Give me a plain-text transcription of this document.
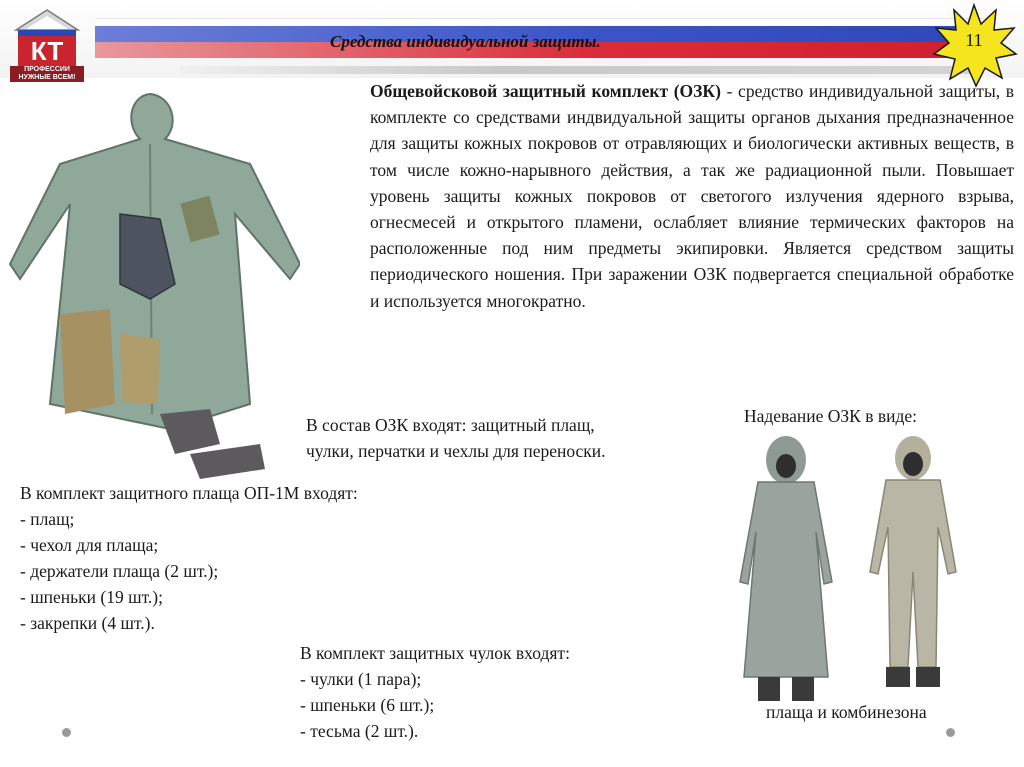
Средства индивидуальной защиты.
КТ
ПРОФЕССИИ
НУЖНЫЕ ВСЕМ!
11
Общевойсковой защитный комплект (ОЗК) - средство индивидуальной защиты, в комплекте со средствами индвидуальной защиты органов дыхания предназначенное для защиты кожных покровов от отравляющих и биологически активных веществ, в том числе кожно-нарывного действия, а так же радиационной пыли. Повышает уровень защиты кожных покровов от светогого излучения ядерного взрыва, огнесмесей и открытого пламени, ослабляет влияние термических факторов на расположенные под ним предметы экипировки. Является средством защиты периодического ношения. При заражении ОЗК подвергается специальной обработке и используется многократно.
В состав ОЗК входят: защитный плащ,
чулки, перчатки и чехлы для переноски.
В комплект защитного плаща ОП-1М входят:
- плащ;
- чехол для плаща;
- держатели плаща (2 шт.);
- шпеньки (19 шт.);
- закрепки (4 шт.).
В комплект защитных чулок входят:
- чулки (1 пара);
- шпеньки (6 шт.);
- тесьма (2 шт.).
Надевание ОЗК в виде:
плаща и комбинезона
